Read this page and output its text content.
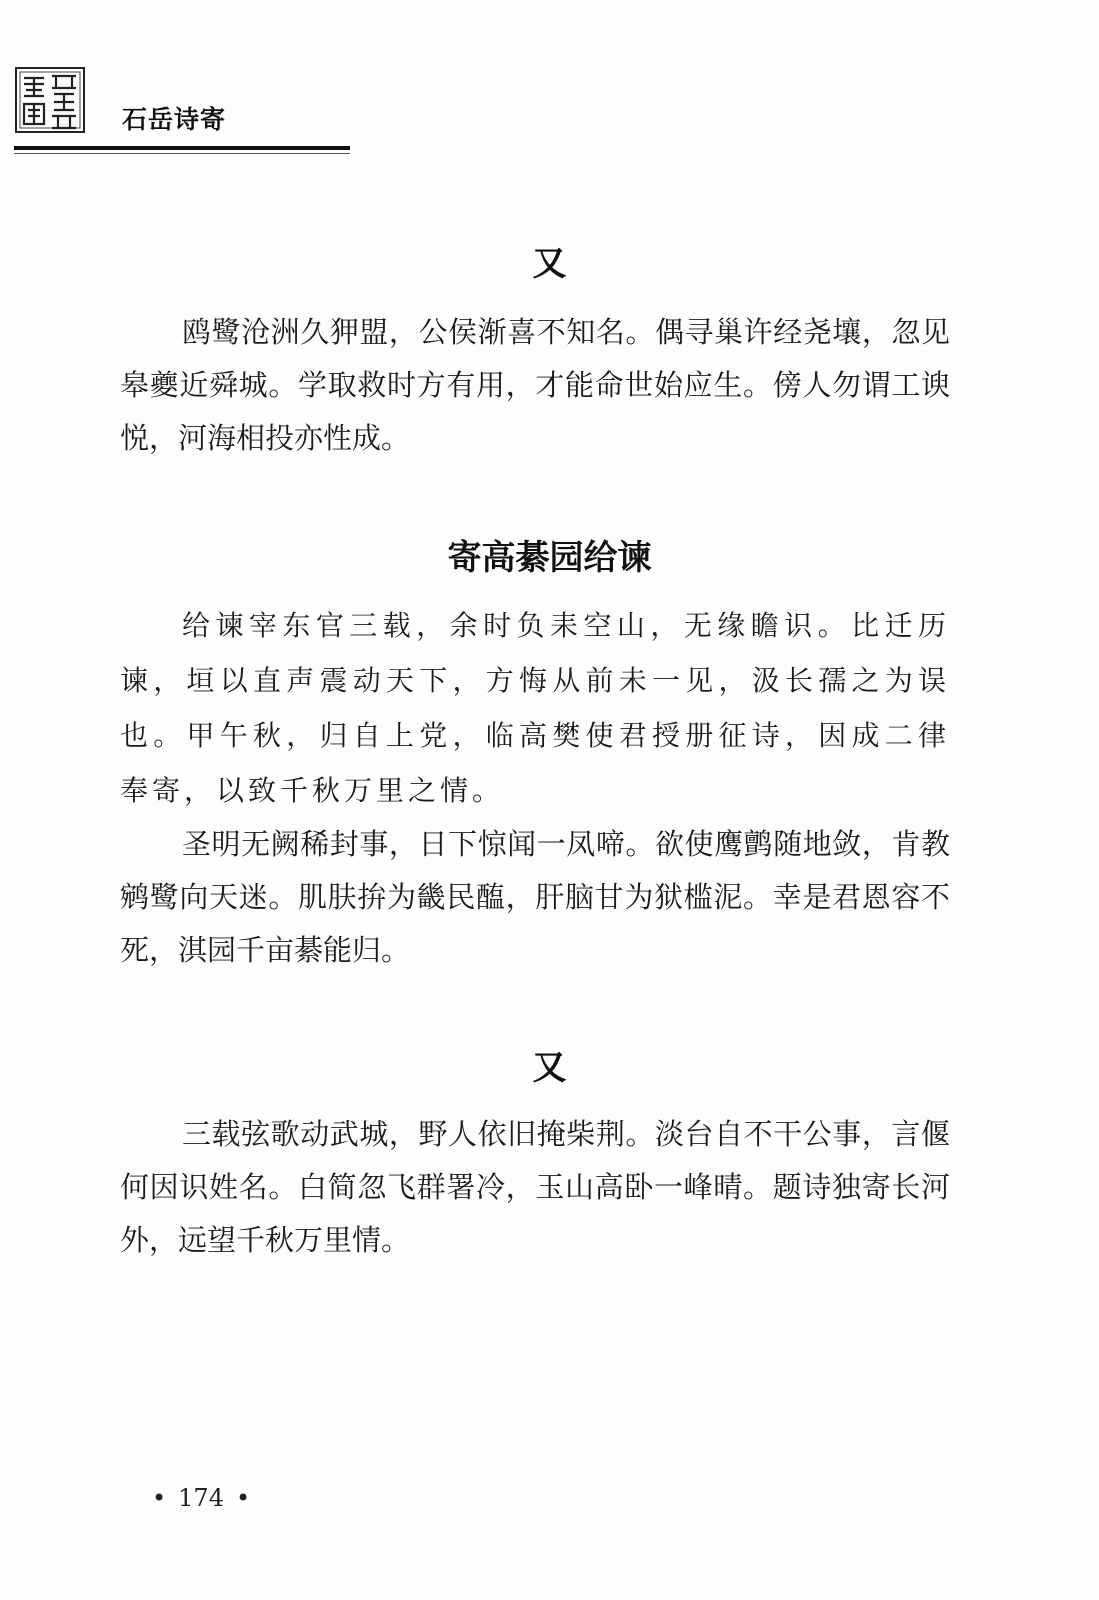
石岳诗寄
又

鸥鹭沧洲久狎盟，公侯渐喜不知名。偶寻巢许经尧壤，忽见皋夔近舜城。学取救时方有用，才能命世始应生。傍人勿谓工谀悦，河海相投亦性成。

寄高綦园给谏

给谏宰东官三载，余时负耒空山，无缘瞻识。比迁历谏，垣以直声震动天下，方悔从前未一见，汲长孺之为误也。甲午秋，归自上党，临高樊使君授册征诗，因成二律奉寄，以致千秋万里之情。

圣明无阙稀封事，日下惊闻一凤啼。欲使鹰鹯随地敛，肯教鹓鹭向天迷。肌肤拚为畿民醢，肝脑甘为狱槛泥。幸是君恩容不死，淇园千亩綦能归。

又

三载弦歌动武城，野人依旧掩柴荆。淡台自不干公事，言偃何因识姓名。白简忽飞群署冷，玉山高卧一峰晴。题诗独寄长河外，远望千秋万里情。

• 174 •
